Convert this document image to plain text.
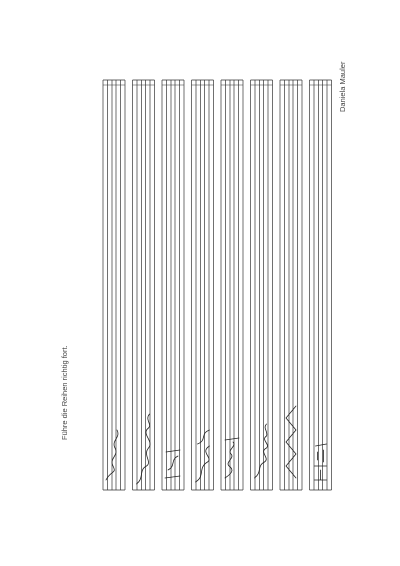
Führe die Reihen richtig fort.
Daniela Mauler
